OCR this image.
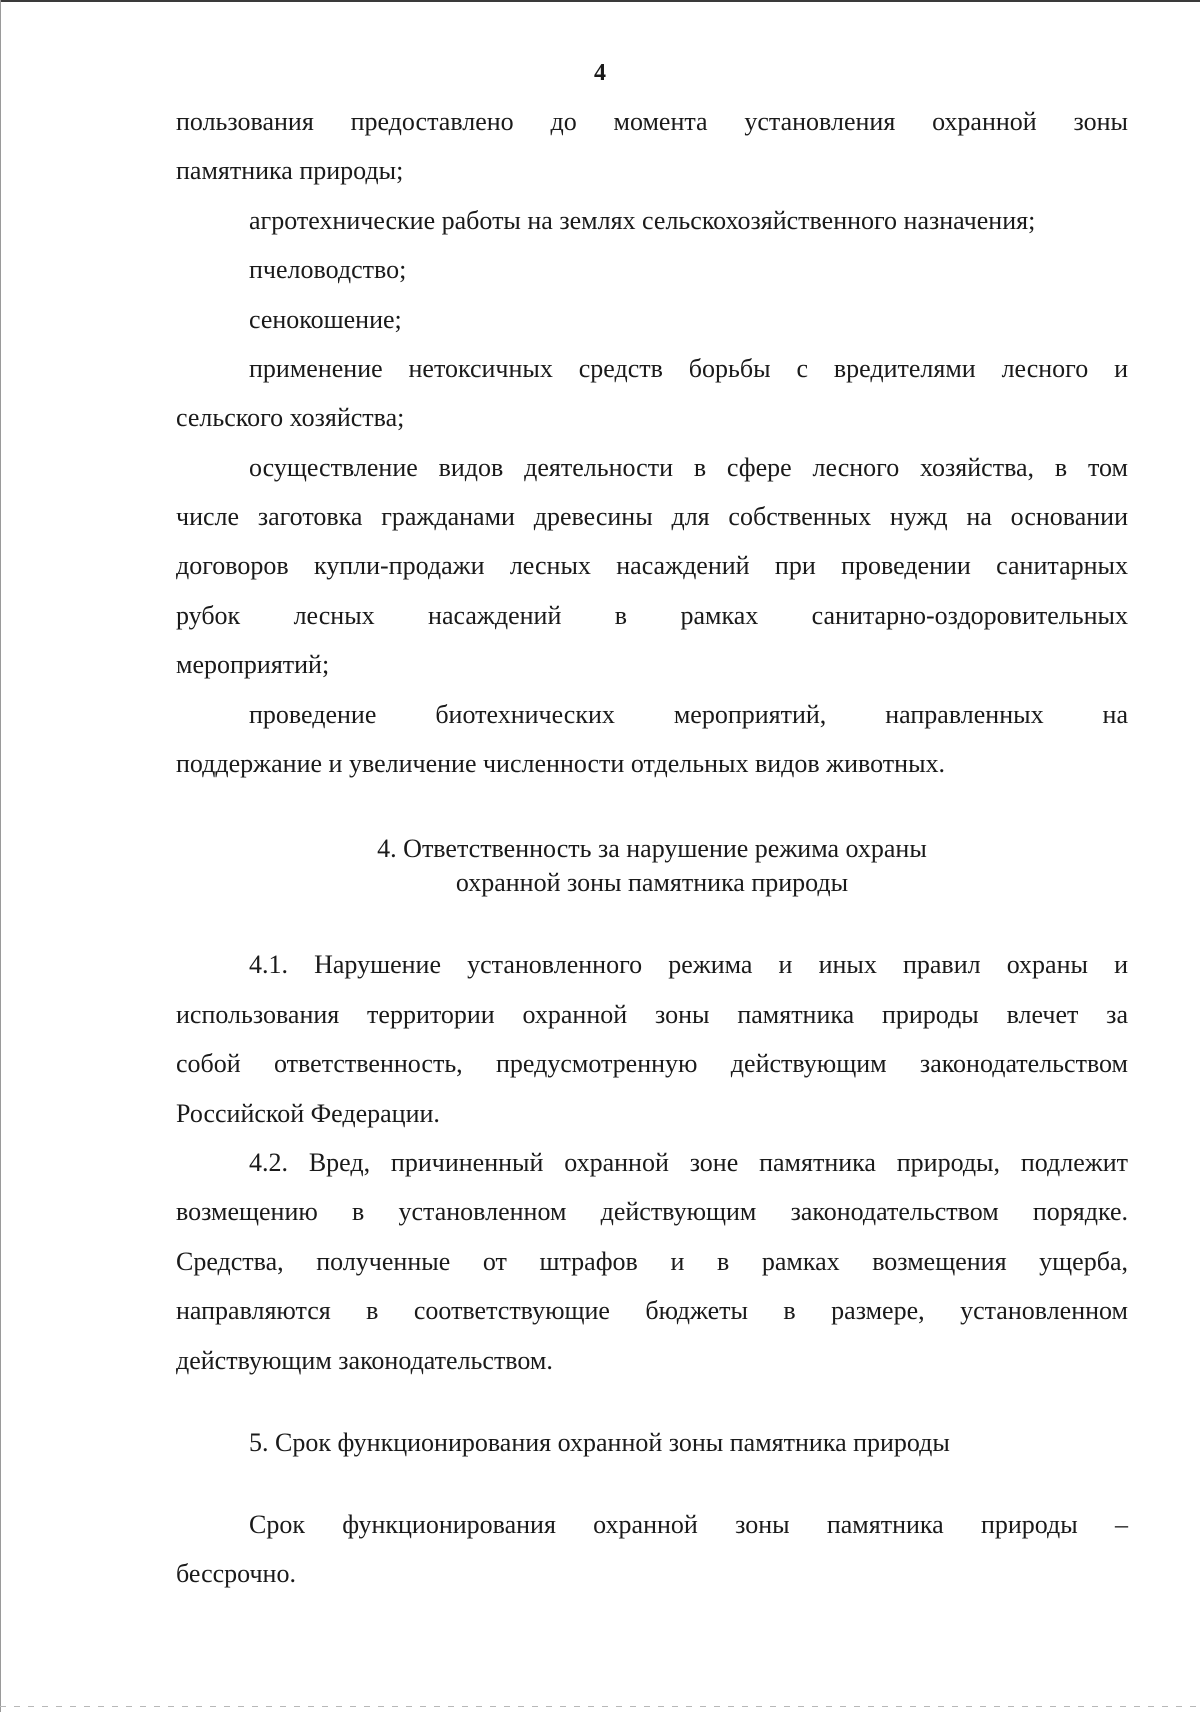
4
пользования предоставлено до момента установления охранной зоны
памятника природы;
агротехнические работы на землях сельскохозяйственного назначения;
пчеловодство;
сенокошение;
применение нетоксичных средств борьбы с вредителями лесного и
сельского хозяйства;
осуществление видов деятельности в сфере лесного хозяйства, в том
числе заготовка гражданами древесины для собственных нужд на основании
договоров купли-продажи лесных насаждений при проведении санитарных
рубок лесных насаждений в рамках санитарно-оздоровительных
мероприятий;
проведение биотехнических мероприятий, направленных на
поддержание и увеличение численности отдельных видов животных.
4. Ответственность за нарушение режима охраны
охранной зоны памятника природы
4.1. Нарушение установленного режима и иных правил охраны и
использования территории охранной зоны памятника природы влечет за
собой ответственность, предусмотренную действующим законодательством
Российской Федерации.
4.2. Вред, причиненный охранной зоне памятника природы, подлежит
возмещению в установленном действующим законодательством порядке.
Средства, полученные от штрафов и в рамках возмещения ущерба,
направляются в соответствующие бюджеты в размере, установленном
действующим законодательством.
5. Срок функционирования охранной зоны памятника природы
Срок функционирования охранной зоны памятника природы –
бессрочно.
